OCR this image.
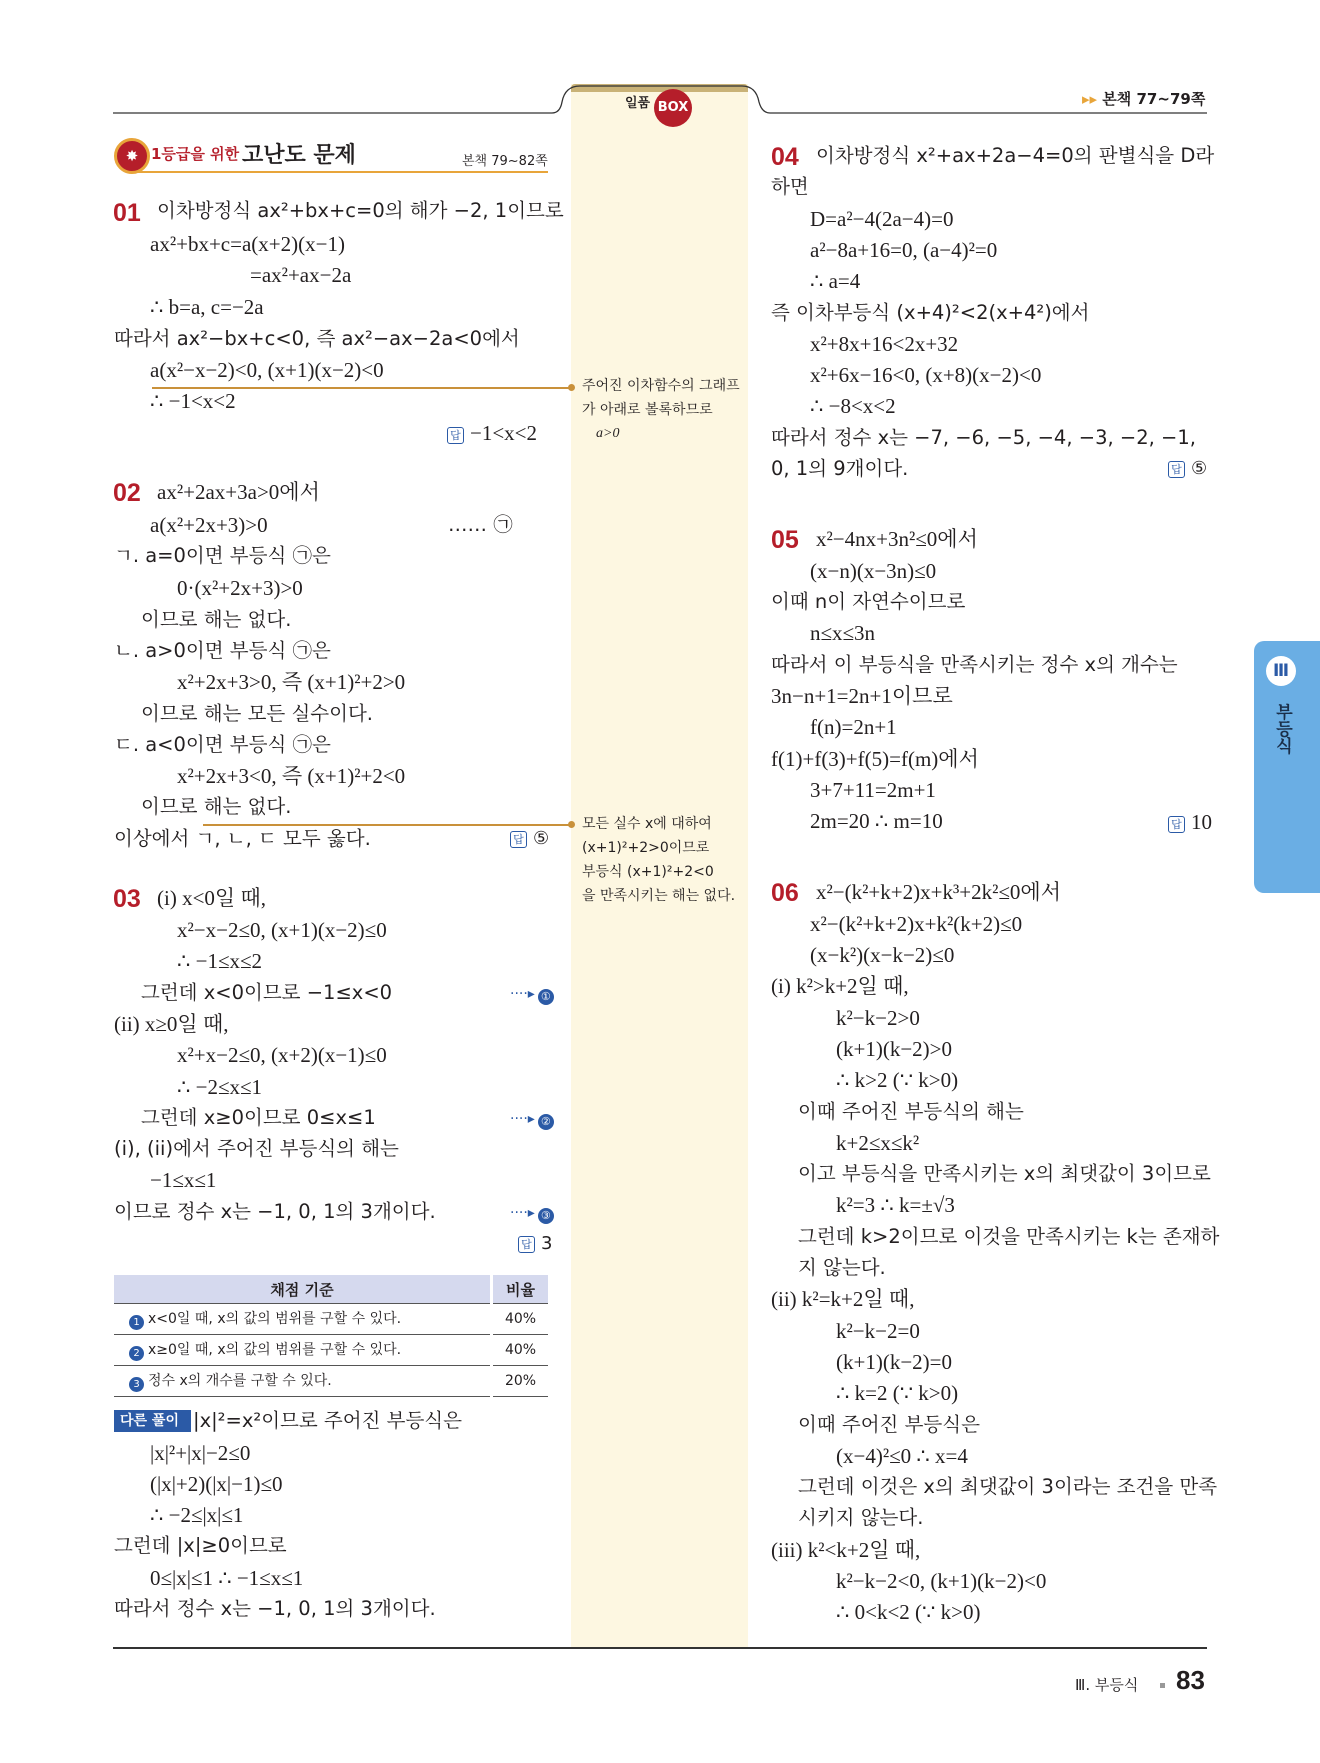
일품 BOX	▸▸ 본책 77~79쪽
✸ 1등급을 위한 고난도 문제	본책 79~82쪽
01 이차방정식 ax²+bx+c=0의 해가 −2, 1이므로
ax²+bx+c=a(x+2)(x−1)
=ax²+ax−2a
∴ b=a, c=−2a
따라서 ax²−bx+c<0, 즉 ax²−ax−2a<0에서
a(x²−x−2)<0, (x+1)(x−2)<0
∴ −1<x<2
답 −1<x<2
02 ax²+2ax+3a>0에서
a(x²+2x+3)>0	…… ㉠
ㄱ. a=0이면 부등식 ㉠은
0·(x²+2x+3)>0
이므로 해는 없다.
ㄴ. a>0이면 부등식 ㉠은
x²+2x+3>0, 즉 (x+1)²+2>0
이므로 해는 모든 실수이다.
ㄷ. a<0이면 부등식 ㉠은
x²+2x+3<0, 즉 (x+1)²+2<0
이므로 해는 없다.
이상에서 ㄱ, ㄴ, ㄷ 모두 옳다.	답 ⑤
03 (i) x<0일 때,
x²−x−2≤0, (x+1)(x−2)≤0
∴ −1≤x≤2
그런데 x<0이므로 −1≤x<0
(ii) x≥0일 때,
x²+x−2≤0, (x+2)(x−1)≤0
∴ −2≤x≤1
그런데 x≥0이므로 0≤x≤1
(i), (ii)에서 주어진 부등식의 해는
−1≤x≤1
이므로 정수 x는 −1, 0, 1의 3개이다.
····▸ ①
····▸ ②
····▸ ③
답 3
채점 기준	비율
1 x<0일 때, x의 값의 범위를 구할 수 있다.	40%
2 x≥0일 때, x의 값의 범위를 구할 수 있다.	40%
3 정수 x의 개수를 구할 수 있다.	20%
다른 풀이 |x|²=x²이므로 주어진 부등식은
|x|²+|x|−2≤0
(|x|+2)(|x|−1)≤0
∴ −2≤|x|≤1
그런데 |x|≥0이므로
0≤|x|≤1 ∴ −1≤x≤1
따라서 정수 x는 −1, 0, 1의 3개이다.
주어진 이차함수의 그래프
가 아래로 볼록하므로
a>0
모든 실수 x에 대하여
(x+1)²+2>0이므로
부등식 (x+1)²+2<0
을 만족시키는 해는 없다.
04 이차방정식 x²+ax+2a−4=0의 판별식을 D라
하면
D=a²−4(2a−4)=0
a²−8a+16=0, (a−4)²=0
∴ a=4
즉 이차부등식 (x+4)²<2(x+4²)에서
x²+8x+16<2x+32
x²+6x−16<0, (x+8)(x−2)<0
∴ −8<x<2
따라서 정수 x는 −7, −6, −5, −4, −3, −2, −1,
0, 1의 9개이다.	답 ⑤
05 x²−4nx+3n²≤0에서
(x−n)(x−3n)≤0
이때 n이 자연수이므로
n≤x≤3n
따라서 이 부등식을 만족시키는 정수 x의 개수는
3n−n+1=2n+1이므로
f(n)=2n+1
f(1)+f(3)+f(5)=f(m)에서
3+7+11=2m+1
2m=20 ∴ m=10	답 10
06 x²−(k²+k+2)x+k³+2k²≤0에서
x²−(k²+k+2)x+k²(k+2)≤0
(x−k²)(x−k−2)≤0
(i) k²>k+2일 때,
k²−k−2>0
(k+1)(k−2)>0
∴ k>2 (∵ k>0)
이때 주어진 부등식의 해는
k+2≤x≤k²
이고 부등식을 만족시키는 x의 최댓값이 3이므로
k²=3 ∴ k=±√3
그런데 k>2이므로 이것을 만족시키는 k는 존재하
지 않는다.
(ii) k²=k+2일 때,
k²−k−2=0
(k+1)(k−2)=0
∴ k=2 (∵ k>0)
이때 주어진 부등식은
(x−4)²≤0 ∴ x=4
그런데 이것은 x의 최댓값이 3이라는 조건을 만족
시키지 않는다.
(iii) k²<k+2일 때,
k²−k−2<0, (k+1)(k−2)<0
∴ 0<k<2 (∵ k>0)
Ⅲ
부등식
Ⅲ. 부등식 83
